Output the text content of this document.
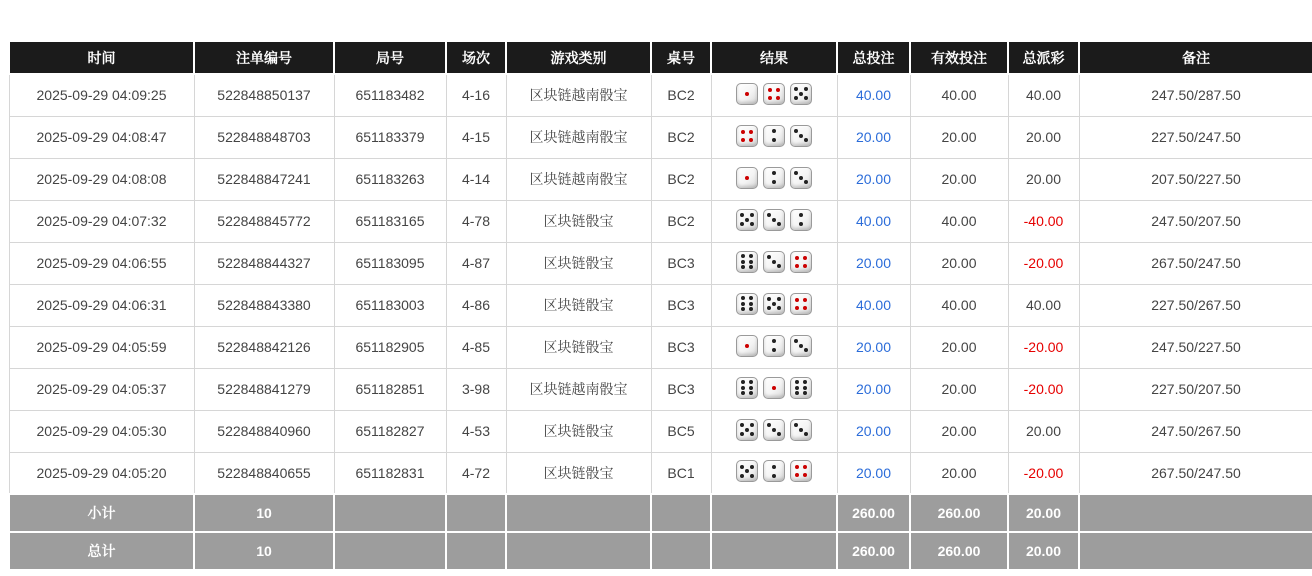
时间	注单编号	局号	场次	游戏类别	桌号	结果	总投注	有效投注	总派彩	备注
2025-09-29 04:09:25	522848850137	651183482	4-16	区块链越南骰宝	BC2		40.00	40.00	40.00	247.50/287.50
2025-09-29 04:08:47	522848848703	651183379	4-15	区块链越南骰宝	BC2		20.00	20.00	20.00	227.50/247.50
2025-09-29 04:08:08	522848847241	651183263	4-14	区块链越南骰宝	BC2		20.00	20.00	20.00	207.50/227.50
2025-09-29 04:07:32	522848845772	651183165	4-78	区块链骰宝	BC2		40.00	40.00	-40.00	247.50/207.50
2025-09-29 04:06:55	522848844327	651183095	4-87	区块链骰宝	BC3		20.00	20.00	-20.00	267.50/247.50
2025-09-29 04:06:31	522848843380	651183003	4-86	区块链骰宝	BC3		40.00	40.00	40.00	227.50/267.50
2025-09-29 04:05:59	522848842126	651182905	4-85	区块链骰宝	BC3		20.00	20.00	-20.00	247.50/227.50
2025-09-29 04:05:37	522848841279	651182851	3-98	区块链越南骰宝	BC3		20.00	20.00	-20.00	227.50/207.50
2025-09-29 04:05:30	522848840960	651182827	4-53	区块链骰宝	BC5		20.00	20.00	20.00	247.50/267.50
2025-09-29 04:05:20	522848840655	651182831	4-72	区块链骰宝	BC1		20.00	20.00	-20.00	267.50/247.50
小计	10						260.00	260.00	20.00	
总计	10						260.00	260.00	20.00	
